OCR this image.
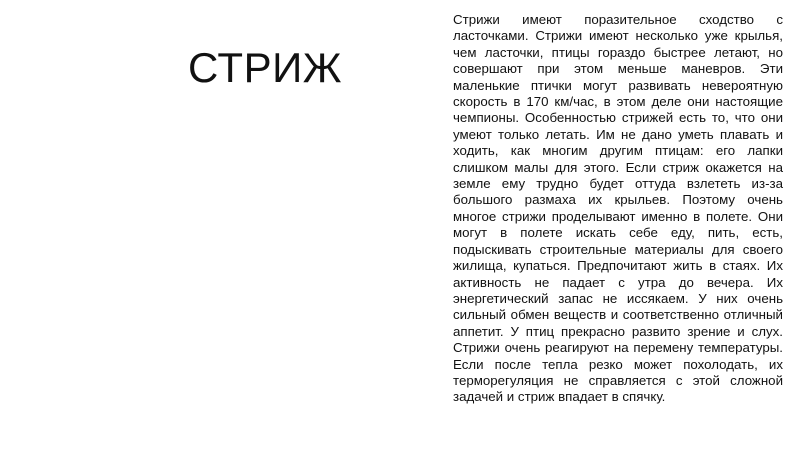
СТРИЖ

Стрижи имеют поразительное сходство с ласточками. Стрижи имеют несколько уже крылья, чем ласточки, птицы гораздо быстрее летают, но совершают при этом меньше маневров. Эти маленькие птички могут развивать невероятную скорость в 170 км/час, в этом деле они настоящие чемпионы. Особенностью стрижей есть то, что они умеют только летать. Им не дано уметь плавать и ходить, как многим другим птицам: его лапки слишком малы для этого. Если стриж окажется на земле ему трудно будет оттуда взлететь из-за большого размаха их крыльев. Поэтому очень многое стрижи проделывают именно в полете. Они могут в полете искать себе еду, пить, есть, подыскивать строительные материалы для своего жилища, купаться. Предпочитают жить в стаях. Их активность не падает с утра до вечера. Их энергетический запас не иссякаем. У них очень сильный обмен веществ и соответственно отличный аппетит. У птиц прекрасно развито зрение и слух. Стрижи очень реагируют на перемену температуры. Если после тепла резко может похолодать, их терморегуляция не справляется с этой сложной задачей и стриж впадает в спячку.
